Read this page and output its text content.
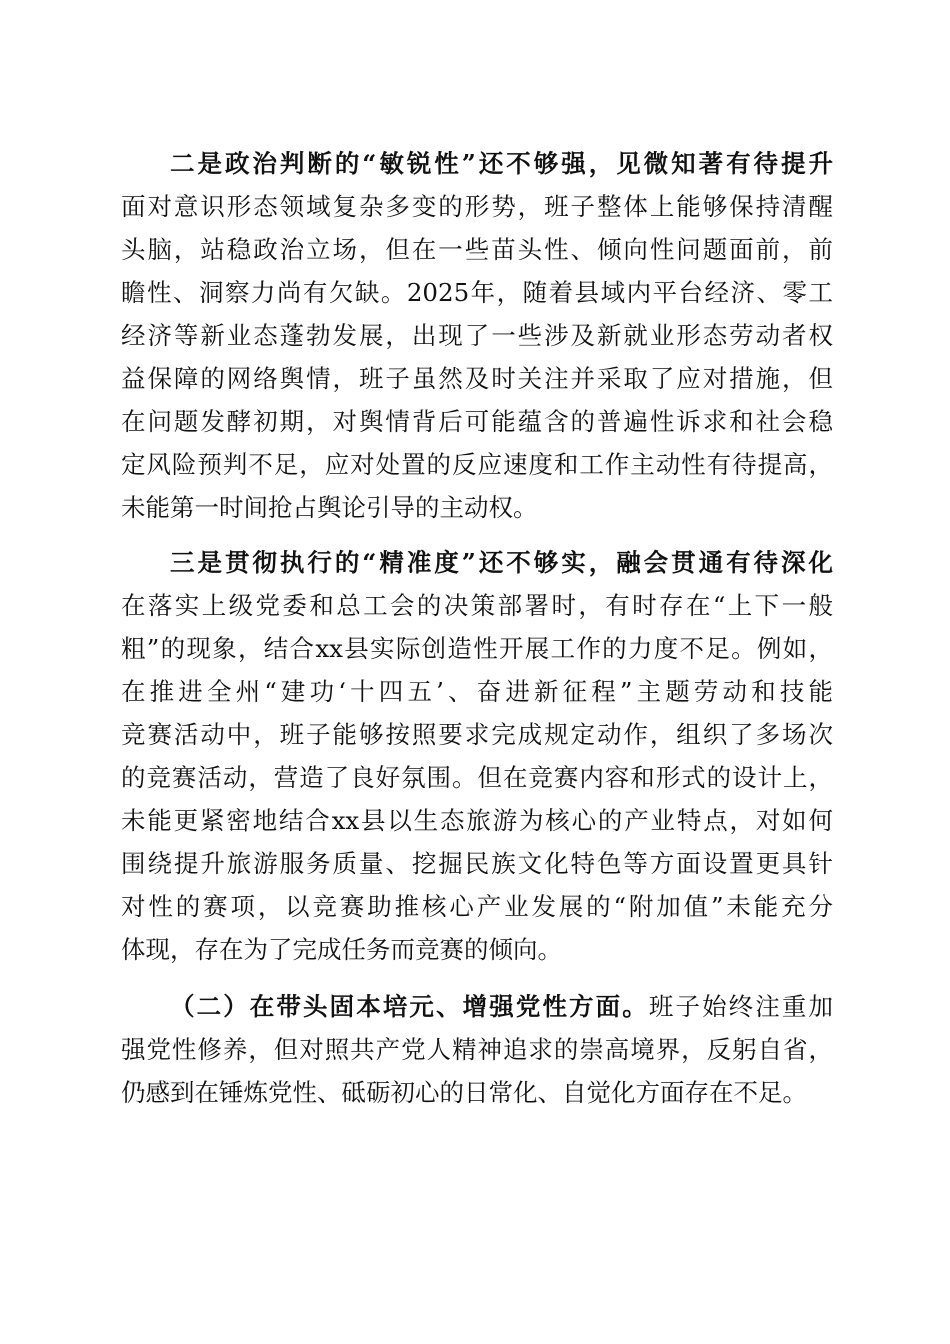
二是政治判断的“敏锐性”还不够强，见微知著有待提升
面对意识形态领域复杂多变的形势，班子整体上能够保持清醒
头脑，站稳政治立场，但在一些苗头性、倾向性问题面前，前
瞻性、洞察力尚有欠缺。2025年，随着县域内平台经济、零工
经济等新业态蓬勃发展，出现了一些涉及新就业形态劳动者权
益保障的网络舆情，班子虽然及时关注并采取了应对措施，但
在问题发酵初期，对舆情背后可能蕴含的普遍性诉求和社会稳
定风险预判不足，应对处置的反应速度和工作主动性有待提高，
未能第一时间抢占舆论引导的主动权。
三是贯彻执行的“精准度”还不够实，融会贯通有待深化
在落实上级党委和总工会的决策部署时，有时存在“上下一般
粗”的现象，结合xx县实际创造性开展工作的力度不足。例如，
在推进全州“建功‘十四五’、奋进新征程”主题劳动和技能
竞赛活动中，班子能够按照要求完成规定动作，组织了多场次
的竞赛活动，营造了良好氛围。但在竞赛内容和形式的设计上，
未能更紧密地结合xx县以生态旅游为核心的产业特点，对如何
围绕提升旅游服务质量、挖掘民族文化特色等方面设置更具针
对性的赛项，以竞赛助推核心产业发展的“附加值”未能充分
体现，存在为了完成任务而竞赛的倾向。
（二）在带头固本培元、增强党性方面。班子始终注重加
强党性修养，但对照共产党人精神追求的崇高境界，反躬自省，
仍感到在锤炼党性、砥砺初心的日常化、自觉化方面存在不足。
